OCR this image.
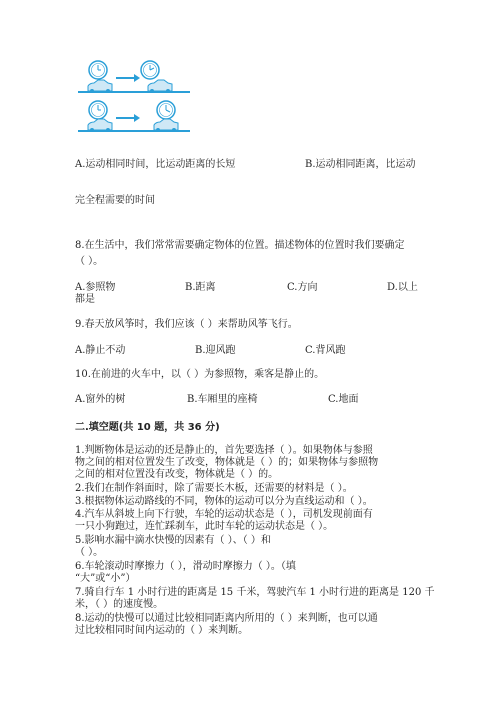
A.运动相同时间，比运动距离的长短	B.运动相同距离，比运动
完全程需要的时间
8.在生活中，我们常常需要确定物体的位置。描述物体的位置时我们要确定
（ ）。
A.参照物	B.距离	C.方向	D.以上
都是
9.春天放风筝时，我们应该（ ）来帮助风筝飞行。
A.静止不动	B.迎风跑	C.背风跑
10.在前进的火车中，以（ ）为参照物，乘客是静止的。
A.窗外的树	B.车厢里的座椅	C.地面
二.填空题(共 10 题，共 36 分)
1.判断物体是运动的还是静止的，首先要选择（ ）。如果物体与参照
物之间的相对位置发生了改变，物体就是（ ）的；如果物体与参照物
之间的相对位置没有改变，物体就是（ ）的。
2.我们在制作斜面时，除了需要长木板，还需要的材料是（ ）。
3.根据物体运动路线的不同，物体的运动可以分为直线运动和（ ）。
4.汽车从斜坡上向下行驶，车轮的运动状态是（ ），司机发现前面有
一只小狗跑过，连忙踩刹车，此时车轮的运动状态是（ ）。
5.影响水漏中滴水快慢的因素有（ ）、（ ）和
（ ）。
6.车轮滚动时摩擦力（ ），滑动时摩擦力（ ）。（填
“大”或“小”）
7.骑自行车 1 小时行进的距离是 15 千米，驾驶汽车 1 小时行进的距离是 120 千
米，（ ）的速度慢。
8.运动的快慢可以通过比较相同距离内所用的（ ）来判断，也可以通
过比较相同时间内运动的（ ）来判断。
